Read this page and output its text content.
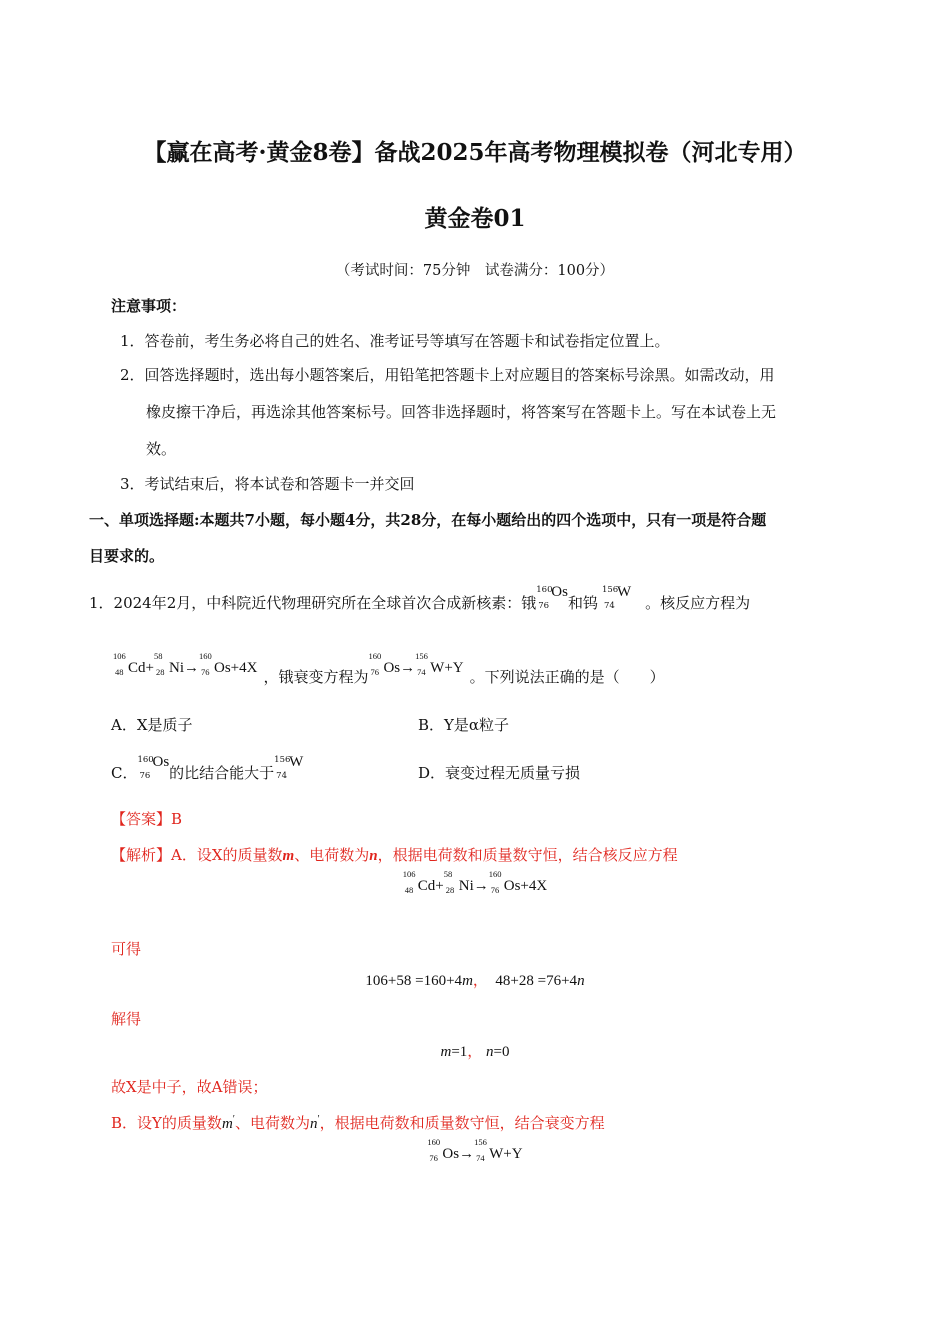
【赢在高考·黄金8卷】备战2025年高考物理模拟卷（河北专用）
黄金卷01
（考试时间：75分钟　试卷满分：100分）
注意事项：
1．答卷前，考生务必将自己的姓名、准考证号等填写在答题卡和试卷指定位置上。
2．回答选择题时，选出每小题答案后，用铅笔把答题卡上对应题目的答案标号涂黑。如需改动，用
橡皮擦干净后，再选涂其他答案标号。回答非选择题时，将答案写在答题卡上。写在本试卷上无
效。
3．考试结束后，将本试卷和答题卡一并交回
一、单项选择题:本题共7小题，每小题4分，共28分，在每小题给出的四个选项中，只有一项是符合题
目要求的。
1．2024年2月，中科院近代物理研究所在全球首次合成新核素：锇
160
76
Os和钨
156
74
W。核反应方程为
106
48 Cd+
58
28 Ni→
160
76 Os+4X ，锇衰变方程为
160
76 Os→
156
74 W+Y 。下列说法正确的是（　　）
A．X是质子	B．Y是α粒子
C．
160
76
Os的比结合能大于
156
74
W
D．衰变过程无质量亏损
【答案】B
【解析】A．设X的质量数m、电荷数为n，根据电荷数和质量数守恒，结合核反应方程
106
48 Cd+
58
28 Ni→
160
76 Os+4X
可得
106+58 =160+4m， 48+28 =76+4n
解得
m=1， n=0
故X是中子，故A错误；
B．设Y的质量数m′、电荷数为n′，根据电荷数和质量数守恒，结合衰变方程
160
76 Os→
156
74 W+Y
